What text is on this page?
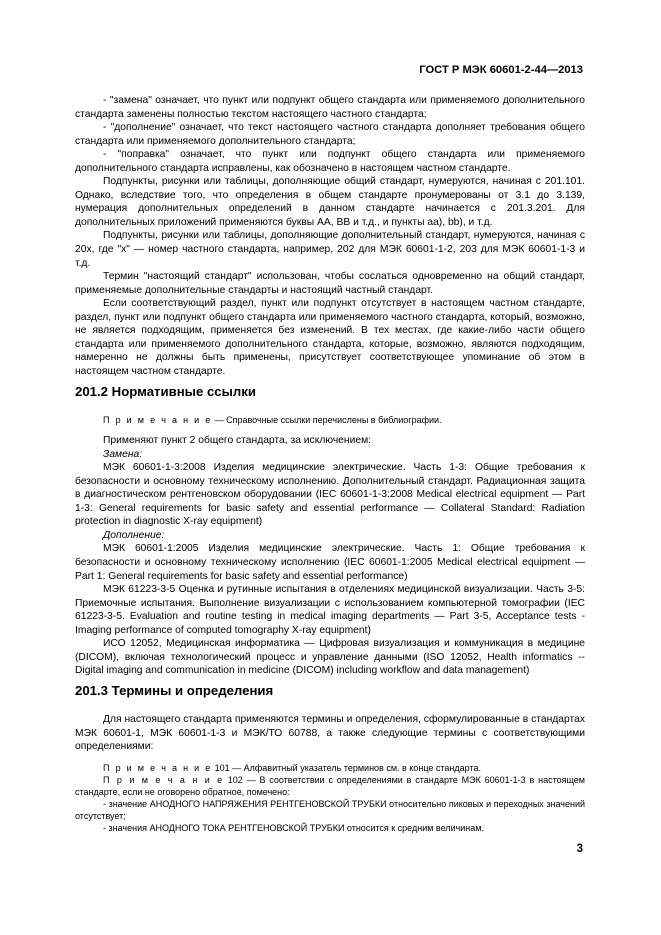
ГОСТ Р МЭК 60601-2-44—2013

- "замена" означает, что пункт или подпункт общего стандарта или применяемого дополнительного стандарта заменены полностью текстом настоящего частного стандарта;

- "дополнение" означает, что текст настоящего частного стандарта дополняет требования общего стандарта или применяемого дополнительного стандарта;

- "поправка" означает, что пункт или подпункт общего стандарта или применяемого дополнительного стандарта исправлены, как обозначено в настоящем частном стандарте.

Подпункты, рисунки или таблицы, дополняющие общий стандарт, нумеруются, начиная с 201.101. Однако, вследствие того, что определения в общем стандарте пронумерованы от 3.1 до 3.139, нумерация дополнительных определений в данном стандарте начинается с 201.3.201. Для дополнительных приложений применяются буквы АА, ВВ и т.д., и пункты аа), bb), и т.д.

Подпункты, рисунки или таблицы, дополняющие дополнительный стандарт, нумеруются, начиная с 20х, где "х" — номер частного стандарта, например, 202 для МЭК 60601-1-2, 203 для МЭК 60601-1-3 и т.д.

Термин "настоящий стандарт" использован, чтобы сослаться одновременно на общий стандарт, применяемые дополнительные стандарты и настоящий частный стандарт.

Если соответствующий раздел, пункт или подпункт отсутствует в настоящем частном стандарте, раздел, пункт или подпункт общего стандарта или применяемого частного стандарта, который, возможно, не является подходящим, применяется без изменений. В тех местах, где какие-либо части общего стандарта или применяемого дополнительного стандарта, которые, возможно, являются подходящим, намеренно не должны быть применены, присутствует соответствующее упоминание об этом в настоящем частном стандарте.

201.2 Нормативные ссылки

П р и м е ч а н и е — Справочные ссылки перечислены в библиографии.

Применяют пункт 2 общего стандарта, за исключением:

Замена:

МЭК 60601-1-3:2008 Изделия медицинские электрические. Часть 1-3: Общие требования к безопасности и основному техническому исполнению. Дополнительный стандарт. Радиационная защита в диагностическом рентгеновском оборудовании (IEC 60601-1-3:2008 Medical electrical equipment — Part 1-3: General requirements for basic safety and essential performance — Collateral Standard: Radiation protection in diagnostic X-ray equipment)

Дополнение:

МЭК 60601-1:2005 Изделия медицинские электрические. Часть 1: Общие требования к безопасности и основному техническому исполнению (IEC 60601-1:2005 Medical electrical equipment — Part 1: General requirements for basic safety and essential performance)

МЭК 61223-3-5 Оценка и рутинные испытания в отделениях медицинской визуализации. Часть 3-5: Приемочные испытания. Выполнение визуализации с использованием компьютерной томографии (IEC 61223-3-5. Evaluation and routine testing in medical imaging departments — Part 3-5, Acceptance tests - Imaging performance of computed tomography X-ray equipment)

ИСО 12052, Медицинская информатика — Цифровая визуализация и коммуникация в медицине (DICOM), включая технологический процесс и управление данными (ISO 12052, Health informatics -- Digital imaging and communication in medicine (DICOM) including workflow and data management)

201.3 Термины и определения

Для настоящего стандарта применяются термины и определения, сформулированные в стандартах МЭК 60601-1, МЭК 60601-1-3 и МЭК/ТО 60788, а также следующие термины с соответствующими определениями:

П р и м е ч а н и е 101 — Алфавитный указатель терминов см. в конце стандарта.

П р и м е ч а н и е 102 — В соответствии с определениями в стандарте МЭК 60601-1-3 в настоящем стандарте, если не оговорено обратное, помечено:

- значение АНОДНОГО НАПРЯЖЕНИЯ РЕНТГЕНОВСКОЙ ТРУБКИ относительно пиковых и переходных значений отсутствует;

- значения АНОДНОГО ТОКА РЕНТГЕНОВСКОЙ ТРУБКИ относится к средним величинам.

3
